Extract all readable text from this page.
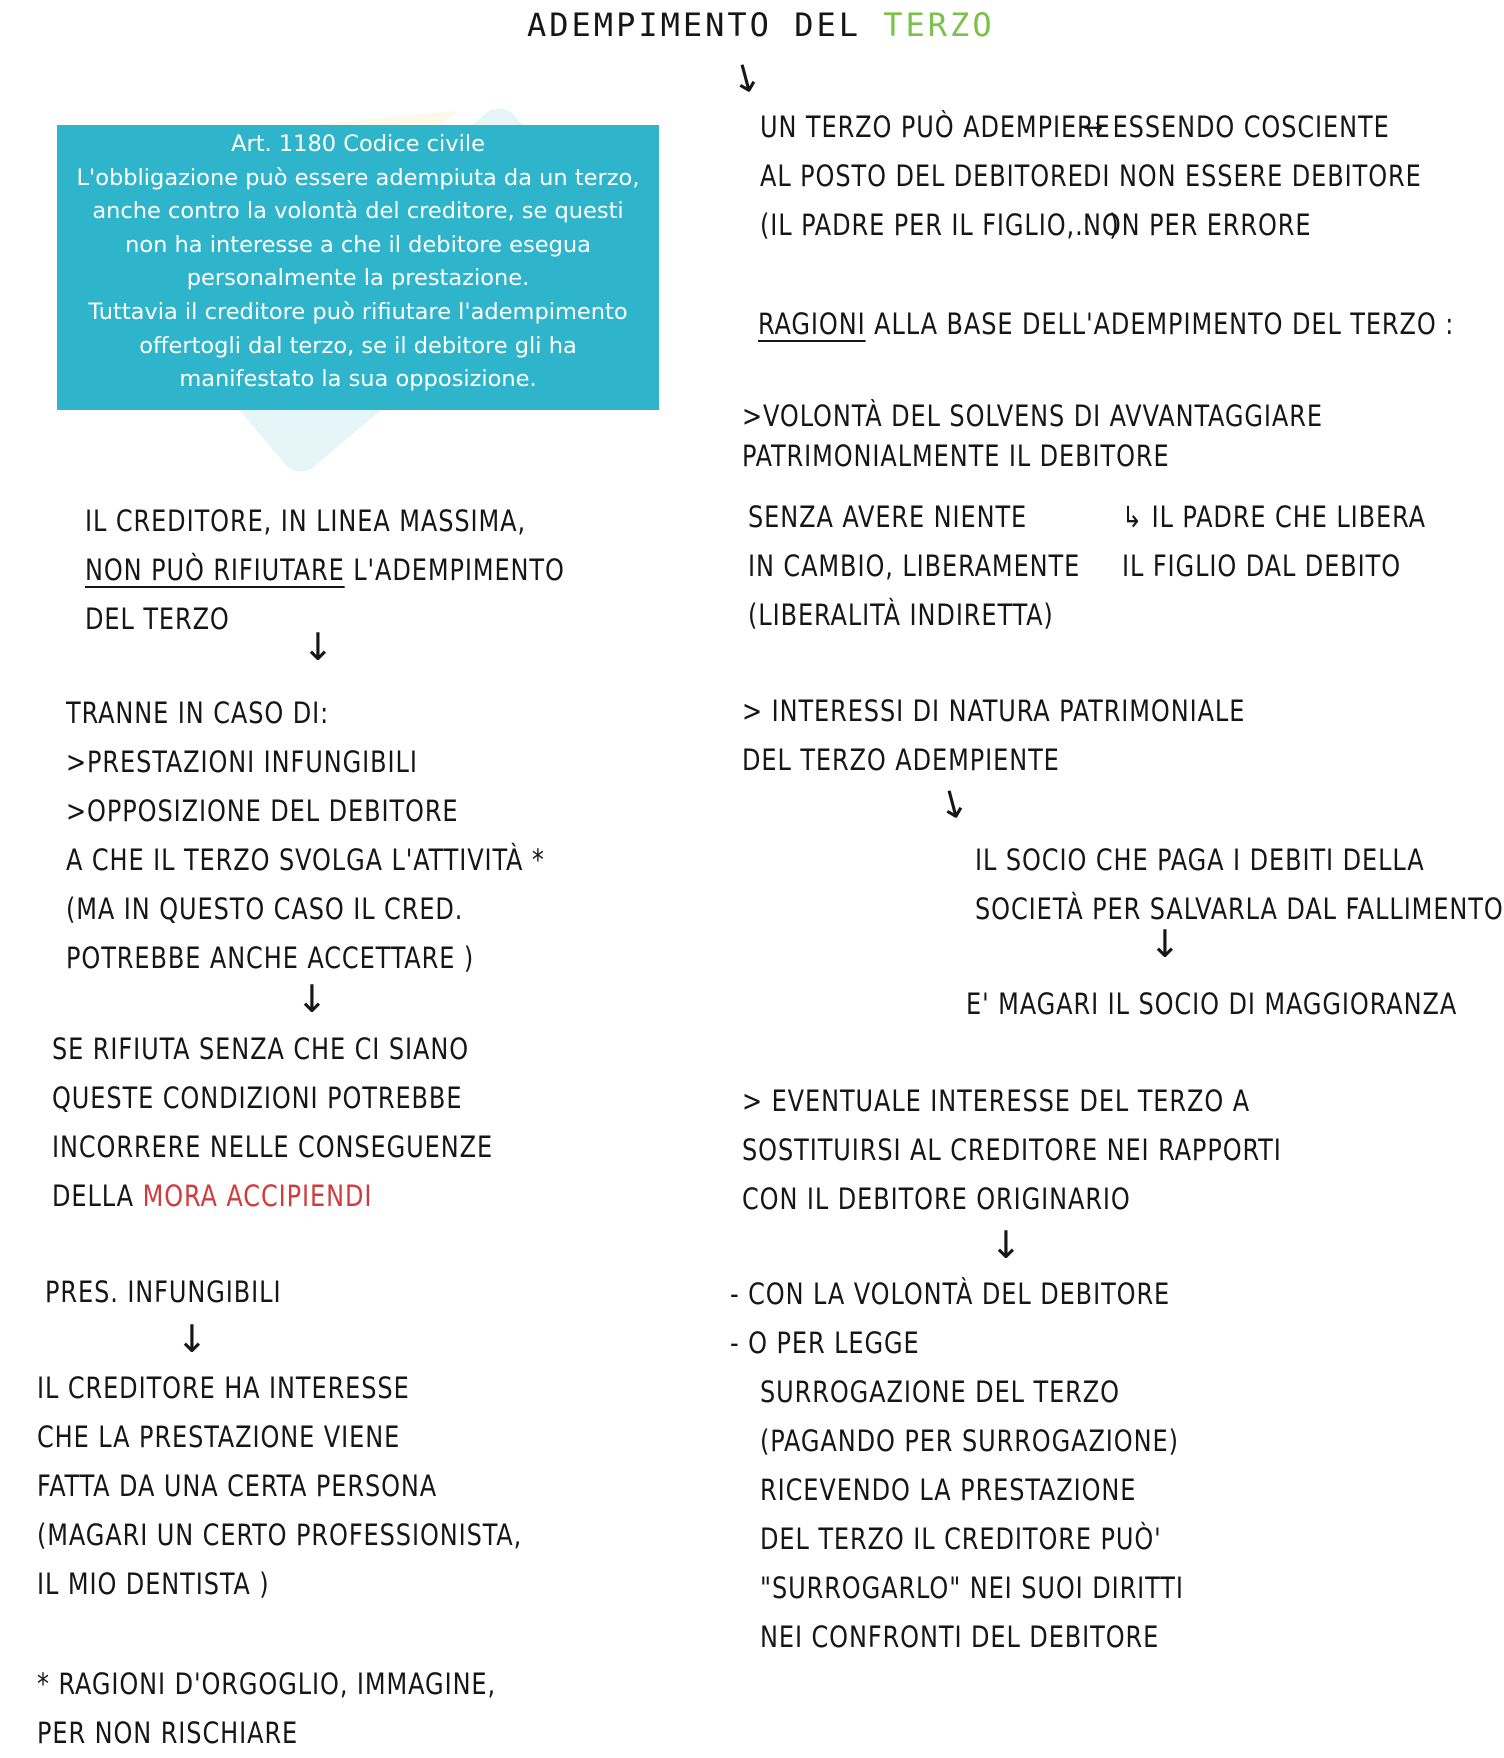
ADEMPIMENTO DEL TERZO
Art. 1180 Codice civile
L'obbligazione può essere adempiuta da un terzo,
anche contro la volontà del creditore, se questi
non ha interesse a che il debitore esegua
personalmente la prestazione.
Tuttavia il creditore può rifiutare l'adempimento
offertogli dal terzo, se il debitore gli ha
manifestato la sua opposizione.
IL CREDITORE, IN LINEA MASSIMA,
NON PUÒ RIFIUTARE L'ADEMPIMENTO
DEL TERZO
↓
TRANNE IN CASO DI:
>PRESTAZIONI INFUNGIBILI
>OPPOSIZIONE DEL DEBITORE
A CHE IL TERZO SVOLGA L'ATTIVITÀ *
(MA IN QUESTO CASO IL CRED.
POTREBBE ANCHE ACCETTARE )
↓
SE RIFIUTA SENZA CHE CI SIANO
QUESTE CONDIZIONI POTREBBE
INCORRERE NELLE CONSEGUENZE
DELLA MORA ACCIPIENDI
PRES. INFUNGIBILI
↓
IL CREDITORE HA INTERESSE
CHE LA PRESTAZIONE VIENE
FATTA DA UNA CERTA PERSONA
(MAGARI UN CERTO PROFESSIONISTA,
IL MIO DENTISTA )
* RAGIONI D'ORGOGLIO, IMMAGINE,
PER NON RISCHIARE
↓
UN TERZO PUÒ ADEMPIERE
AL POSTO DEL DEBITORE
(IL PADRE PER IL FIGLIO,... )
→ ESSENDO COSCIENTE
DI NON ESSERE DEBITORE
NON PER ERRORE
RAGIONI ALLA BASE DELL'ADEMPIMENTO DEL TERZO :
>VOLONTÀ DEL SOLVENS DI AVVANTAGGIARE
PATRIMONIALMENTE IL DEBITORE
SENZA AVERE NIENTE
IN CAMBIO, LIBERAMENTE
(LIBERALITÀ INDIRETTA)
↳ IL PADRE CHE LIBERA
IL FIGLIO DAL DEBITO
> INTERESSI DI NATURA PATRIMONIALE
DEL TERZO ADEMPIENTE
↓
IL SOCIO CHE PAGA I DEBITI DELLA
SOCIETÀ PER SALVARLA DAL FALLIMENTO
↓
E' MAGARI IL SOCIO DI MAGGIORANZA
> EVENTUALE INTERESSE DEL TERZO A
SOSTITUIRSI AL CREDITORE NEI RAPPORTI
CON IL DEBITORE ORIGINARIO
↓
- CON LA VOLONTÀ DEL DEBITORE
- O PER LEGGE
SURROGAZIONE DEL TERZO
(PAGANDO PER SURROGAZIONE)
RICEVENDO LA PRESTAZIONE
DEL TERZO IL CREDITORE PUÒ'
"SURROGARLO" NEI SUOI DIRITTI
NEI CONFRONTI DEL DEBITORE
